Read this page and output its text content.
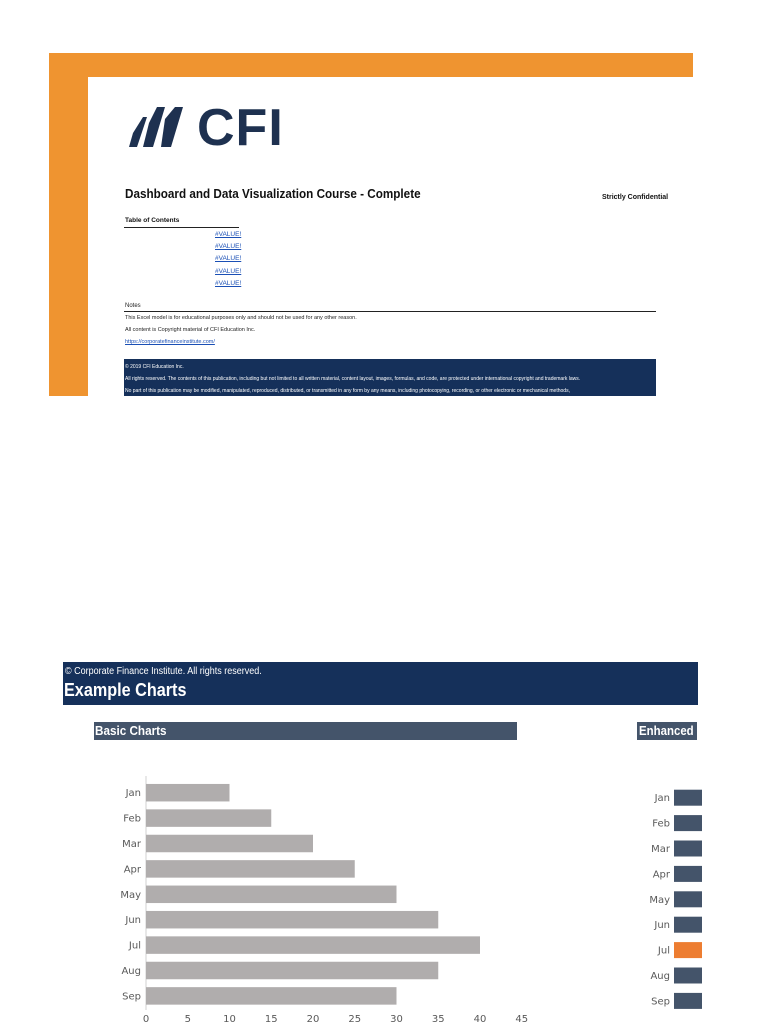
CFI
Dashboard and Data Visualization Course - Complete	Strictly Confidential
Table of Contents
#VALUE!
#VALUE!
#VALUE!
#VALUE!
#VALUE!
Notes
This Excel model is for educational purposes only and should not be used for any other reason.
All content is Copyright material of CFI Education Inc.
https://corporatefinanceinstitute.com/
© 2019 CFI Education Inc.
All rights reserved. The contents of this publication, including but not limited to all written material, content layout, images, formulas, and code, are protected under international copyright and trademark laws.
No part of this publication may be modified, manipulated, reproduced, distributed, or transmitted in any form by any means, including photocopying, recording, or other electronic or mechanical methods,
© Corporate Finance Institute. All rights reserved.
Example Charts
Basic Charts	Enhanced
Jan
Feb
Mar
Apr
May
Jun
Jul
Aug
Sep
0	5	10	15	20	25	30	35	40	45
Jan
Feb
Mar
Apr
May
Jun
Jul
Aug
Sep
